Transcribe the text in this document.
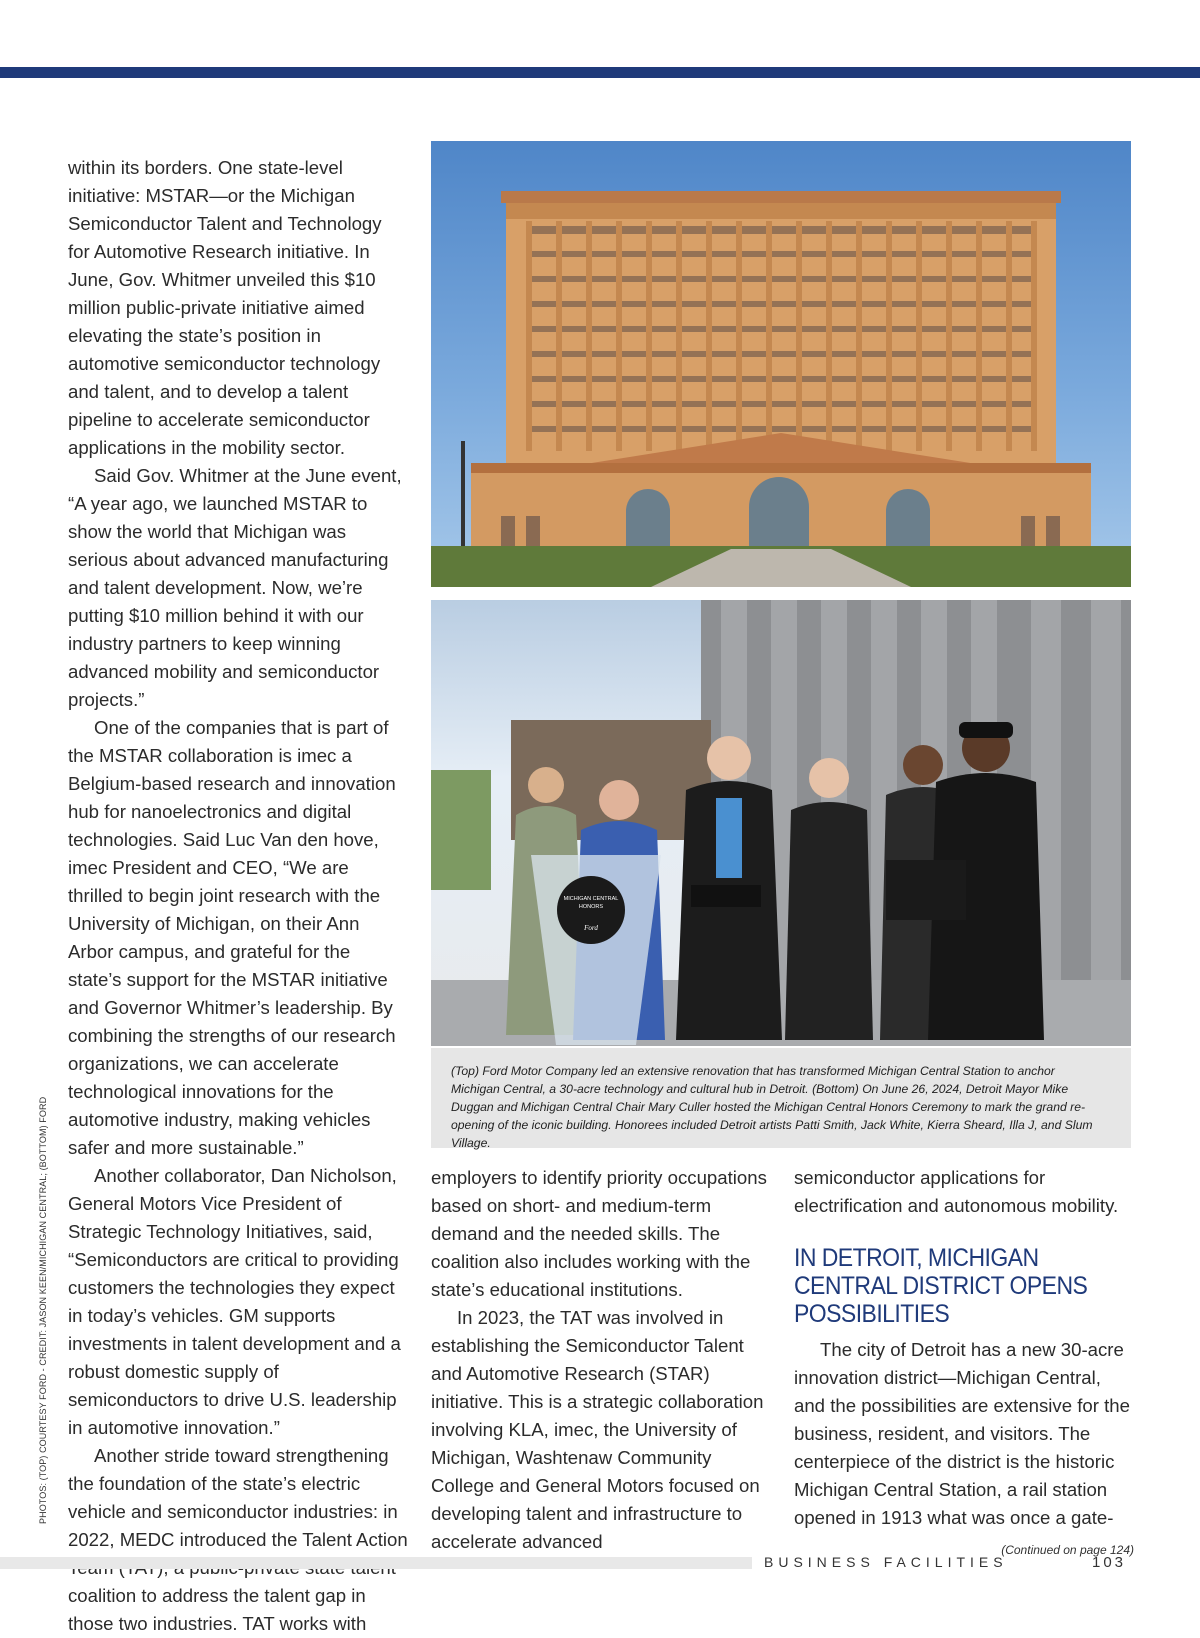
within its borders. One state-level initiative: MSTAR—or the Michigan Semiconductor Talent and Technology for Automotive Research initiative. In June, Gov. Whitmer unveiled this $10 million public-private initiative aimed elevating the state’s position in automotive semiconductor technology and talent, and to develop a talent pipeline to accelerate semiconductor applications in the mobility sector.

Said Gov. Whitmer at the June event, “A year ago, we launched MSTAR to show the world that Michigan was serious about advanced manufacturing and talent development. Now, we’re putting $10 million behind it with our industry partners to keep winning advanced mobility and semiconductor projects.”

One of the companies that is part of the MSTAR collaboration is imec a Belgium-based research and innovation hub for nanoelectronics and digital technologies. Said Luc Van den hove, imec President and CEO, “We are thrilled to begin joint research with the University of Michigan, on their Ann Arbor campus, and grateful for the state’s support for the MSTAR initiative and Governor Whitmer’s leadership. By combining the strengths of our research organizations, we can accelerate technological innovations for the automotive industry, making vehicles safer and more sustainable.”

Another collaborator, Dan Nicholson, General Motors Vice President of Strategic Technology Initiatives, said, “Semiconductors are critical to providing customers the technologies they expect in today’s vehicles. GM supports investments in talent development and a robust domestic supply of semiconductors to drive U.S. leadership in automotive innovation.”

Another stride toward strengthening the foundation of the state’s electric vehicle and semiconductor industries: in 2022, MEDC introduced the Talent Action coalition to address the talent gap in those two industries. TAT works with

PHOTOS: (TOP) COURTESY FORD - CREDIT: JASON KEEN/MICHIGAN CENTRAL; (BOTTOM) FORD
MICHIGAN CENTRAL
HONORS
Ford
(Top) Ford Motor Company led an extensive renovation that has transformed Michigan Central Station to anchor Michigan Central, a 30-acre technology and cultural hub in Detroit. (Bottom) On June 26, 2024, Detroit Mayor Mike Duggan and Michigan Central Chair Mary Culler hosted the Michigan Central Honors Ceremony to mark the grand re-opening of the iconic building. Honorees included Detroit artists Patti Smith, Jack White, Kierra Sheard, Illa J, and Slum Village.

employers to identify priority occupations based on short- and medium-term demand and the needed skills. The coalition also includes working with the state’s educational institutions.

In 2023, the TAT was involved in establishing the Semiconductor Talent and Automotive Research (STAR) initiative. This is a strategic collaboration involving KLA, imec, the University of Michigan, Washtenaw Community College and General Motors focused on developing talent and infrastructure to accelerate advanced

semiconductor applications for electrification and autonomous mobility.

IN DETROIT, MICHIGAN CENTRAL DISTRICT OPENS POSSIBILITIES

The city of Detroit has a new 30-acre innovation district—Michigan Central, and the possibilities are extensive for the business, resident, and visitors. The centerpiece of the district is the historic Michigan Central Station, a rail station opened in 1913 what was once a gate-

(Continued on page 124)
BUSINESS FACILITIES	103
